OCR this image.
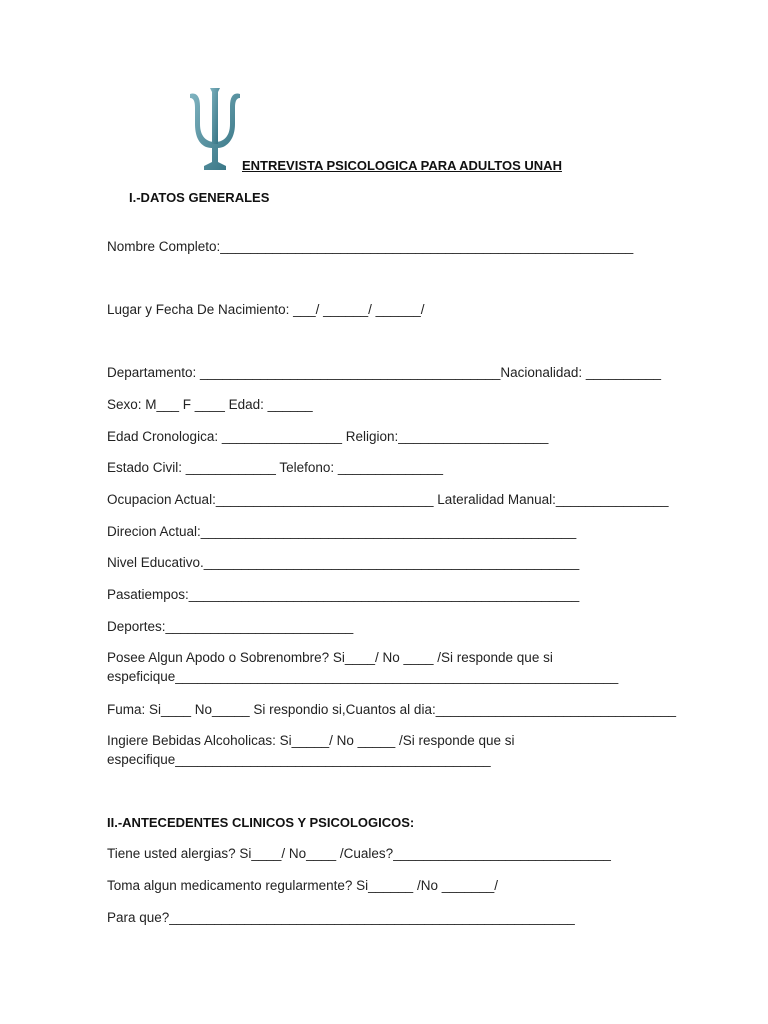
ENTREVISTA PSICOLOGICA PARA ADULTOS UNAH
I.-DATOS GENERALES
Nombre Completo:_______________________________________________________
Lugar y Fecha De Nacimiento: ___/ ______/ ______/
Departamento: ________________________________________Nacionalidad: __________
Sexo: M___ F ____ Edad: ______
Edad Cronologica: ________________ Religion:____________________
Estado Civil: ____________ Telefono: ______________
Ocupacion Actual:_____________________________ Lateralidad Manual:_______________
Direcion Actual:__________________________________________________
Nivel Educativo.__________________________________________________
Pasatiempos:____________________________________________________
Deportes:_________________________
Posee Algun Apodo o Sobrenombre? Si____/ No ____ /Si responde que si
espeficique___________________________________________________________
Fuma: Si____ No_____ Si respondio si,Cuantos al dia:________________________________
Ingiere Bebidas Alcoholicas: Si_____/ No _____ /Si responde que si
especifique__________________________________________
II.-ANTECEDENTES CLINICOS Y PSICOLOGICOS:
Tiene usted alergias? Si____/ No____ /Cuales?_____________________________
Toma algun medicamento regularmente? Si______ /No _______/
Para que?______________________________________________________
